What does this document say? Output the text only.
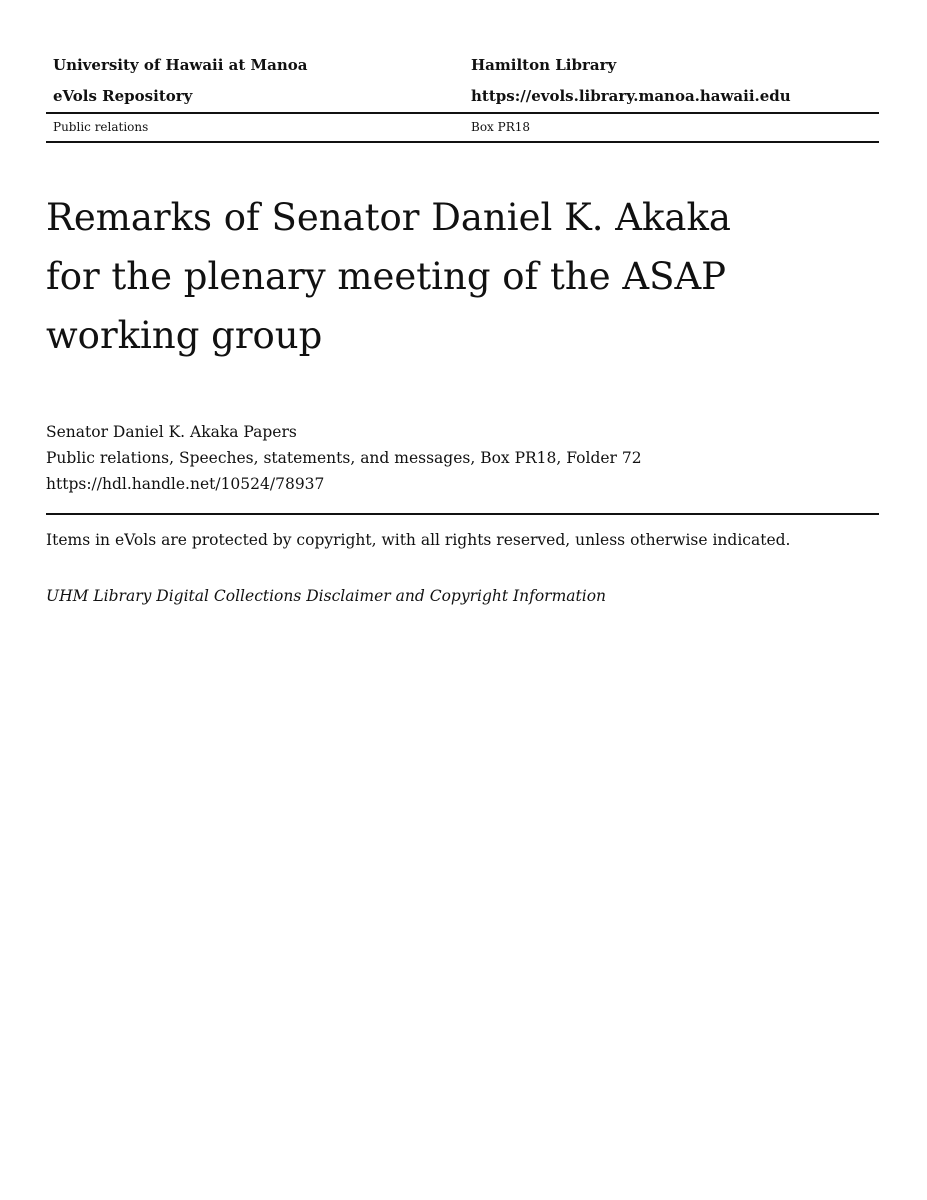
University of Hawaii at Manoa	Hamilton Library
eVols Repository	https://evols.library.manoa.hawaii.edu
Public relations	Box PR18
Remarks of Senator Daniel K. Akaka for the plenary meeting of the ASAP working group
Senator Daniel K. Akaka Papers
Public relations, Speeches, statements, and messages, Box PR18, Folder 72
https://hdl.handle.net/10524/78937
Items in eVols are protected by copyright, with all rights reserved, unless otherwise indicated.
UHM Library Digital Collections Disclaimer and Copyright Information
